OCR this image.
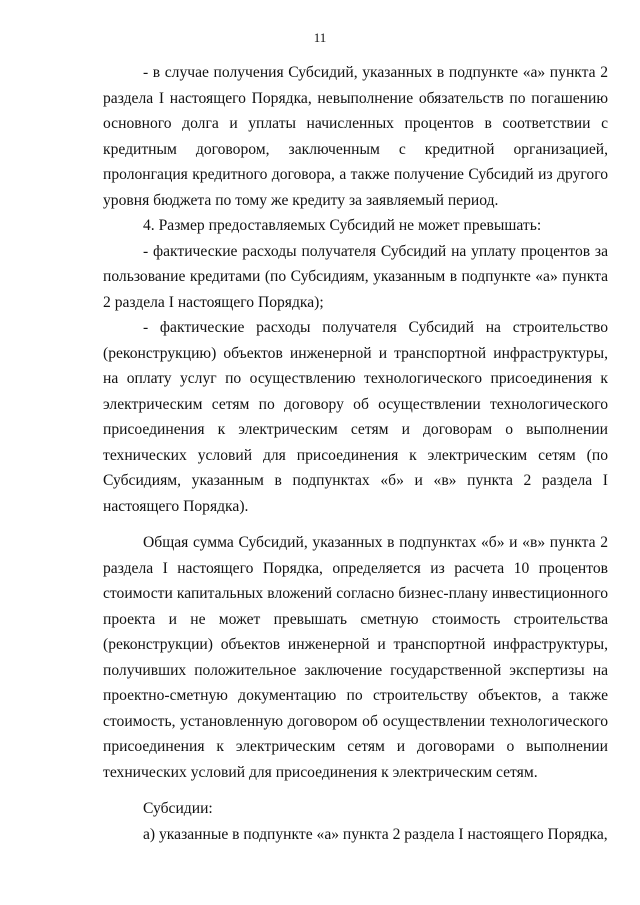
11

- в случае получения Субсидий, указанных в подпункте «а» пункта 2 раздела I настоящего Порядка, невыполнение обязательств по погашению основного долга и уплаты начисленных процентов в соответствии с кредитным договором, заключенным с кредитной организацией, пролонгация кредитного договора, а также получение Субсидий из другого уровня бюджета по тому же кредиту за заявляемый период.

4. Размер предоставляемых Субсидий не может превышать:

- фактические расходы получателя Субсидий на уплату процентов за пользование кредитами (по Субсидиям, указанным в подпункте «а» пункта 2 раздела I настоящего Порядка);

- фактические расходы получателя Субсидий на строительство (реконструкцию) объектов инженерной и транспортной инфраструктуры, на оплату услуг по осуществлению технологического присоединения к электрическим сетям по договору об осуществлении технологического присоединения к электрическим сетям и договорам о выполнении технических условий для присоединения к электрическим сетям (по Субсидиям, указанным в подпунктах «б» и «в» пункта 2 раздела I настоящего Порядка).

Общая сумма Субсидий, указанных в подпунктах «б» и «в» пункта 2 раздела I настоящего Порядка, определяется из расчета 10 процентов стоимости капитальных вложений согласно бизнес-плану инвестиционного проекта и не может превышать сметную стоимость строительства (реконструкции) объектов инженерной и транспортной инфраструктуры, получивших положительное заключение государственной экспертизы на проектно-сметную документацию по строительству объектов, а также стоимость, установленную договором об осуществлении технологического присоединения к электрическим сетям и договорами о выполнении технических условий для присоединения к электрическим сетям.

Субсидии:

а) указанные в подпункте «а» пункта 2 раздела I настоящего Порядка,
